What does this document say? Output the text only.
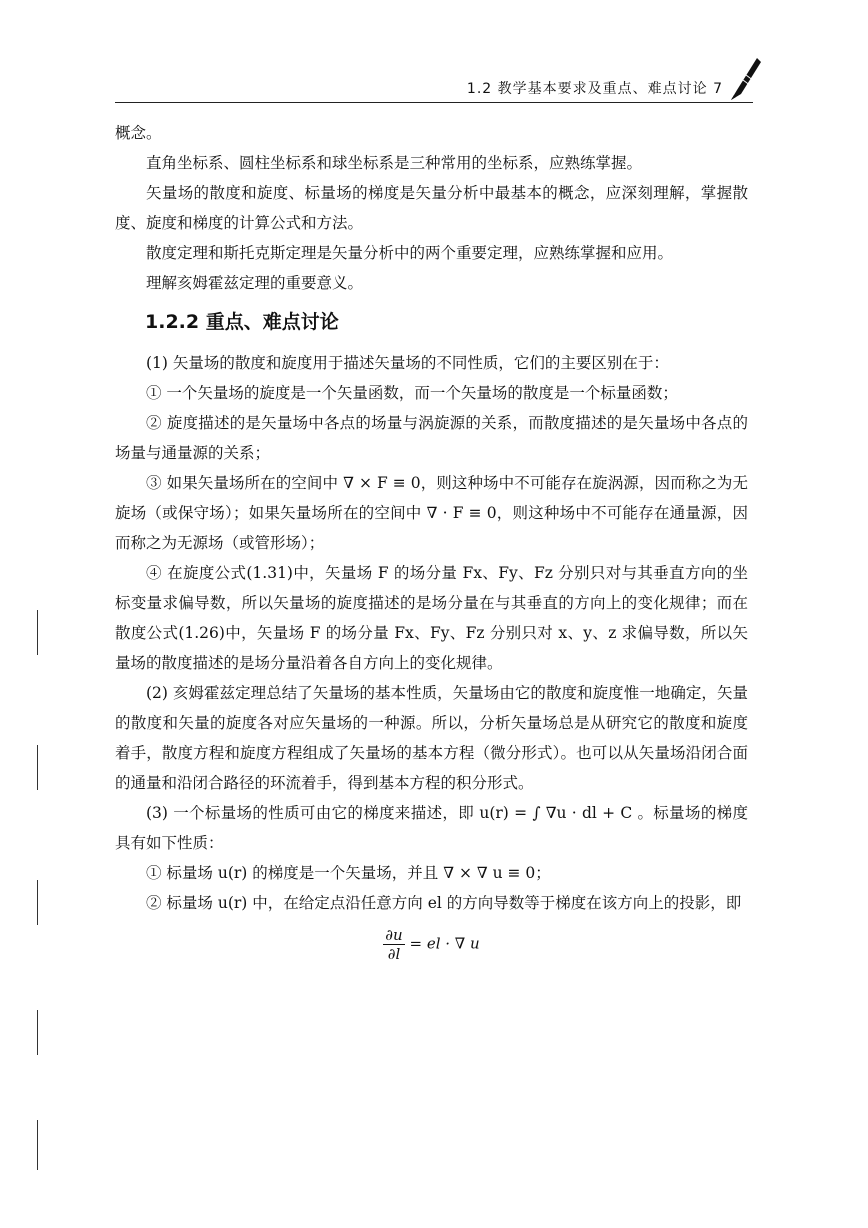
1.2 教学基本要求及重点、难点讨论 7

概念。

直角坐标系、圆柱坐标系和球坐标系是三种常用的坐标系，应熟练掌握。

矢量场的散度和旋度、标量场的梯度是矢量分析中最基本的概念，应深刻理解，掌握散度、旋度和梯度的计算公式和方法。

散度定理和斯托克斯定理是矢量分析中的两个重要定理，应熟练掌握和应用。

理解亥姆霍兹定理的重要意义。

1.2.2 重点、难点讨论

(1) 矢量场的散度和旋度用于描述矢量场的不同性质，它们的主要区别在于：

① 一个矢量场的旋度是一个矢量函数，而一个矢量场的散度是一个标量函数；

② 旋度描述的是矢量场中各点的场量与涡旋源的关系，而散度描述的是矢量场中各点的场量与通量源的关系；

③ 如果矢量场所在的空间中 ∇ × F ≡ 0，则这种场中不可能存在旋涡源，因而称之为无旋场（或保守场）；如果矢量场所在的空间中 ∇ · F ≡ 0，则这种场中不可能存在通量源，因而称之为无源场（或管形场）；

④ 在旋度公式(1.31)中，矢量场 F 的场分量 Fx、Fy、Fz 分别只对与其垂直方向的坐标变量求偏导数，所以矢量场的旋度描述的是场分量在与其垂直的方向上的变化规律；而在散度公式(1.26)中，矢量场 F 的场分量 Fx、Fy、Fz 分别只对 x、y、z 求偏导数，所以矢量场的散度描述的是场分量沿着各自方向上的变化规律。

(2) 亥姆霍兹定理总结了矢量场的基本性质，矢量场由它的散度和旋度惟一地确定，矢量的散度和矢量的旋度各对应矢量场的一种源。所以，分析矢量场总是从研究它的散度和旋度着手，散度方程和旋度方程组成了矢量场的基本方程（微分形式）。也可以从矢量场沿闭合面的通量和沿闭合路径的环流着手，得到基本方程的积分形式。

(3) 一个标量场的性质可由它的梯度来描述，即 u(r) = ∫ ∇u · dl + C 。标量场的梯度具有如下性质：

① 标量场 u(r) 的梯度是一个矢量场，并且 ∇ × ∇ u ≡ 0；

② 标量场 u(r) 中，在给定点沿任意方向 el 的方向导数等于梯度在该方向上的投影，即

$\frac{\partial u}{\partial l}$ = el · ∇ u
